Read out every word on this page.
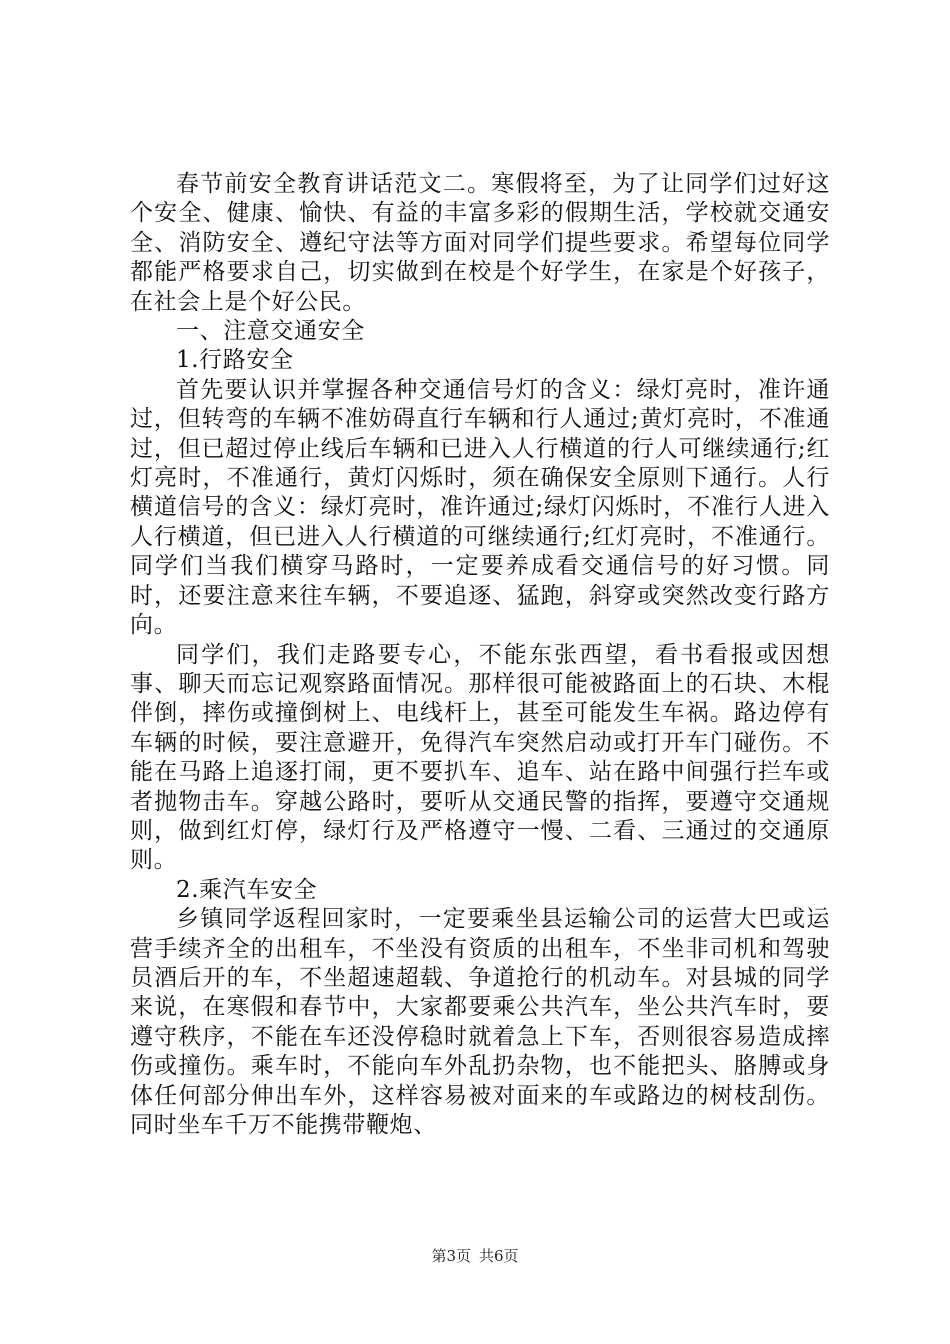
春节前安全教育讲话范文二。寒假将至，为了让同学们过好这个安全、健康、愉快、有益的丰富多彩的假期生活，学校就交通安全、消防安全、遵纪守法等方面对同学们提些要求。希望每位同学都能严格要求自己，切实做到在校是个好学生，在家是个好孩子，在社会上是个好公民。

一、注意交通安全

1.行路安全

首先要认识并掌握各种交通信号灯的含义：绿灯亮时，准许通过，但转弯的车辆不准妨碍直行车辆和行人通过;黄灯亮时，不准通过，但已超过停止线后车辆和已进入人行横道的行人可继续通行;红灯亮时，不准通行，黄灯闪烁时，须在确保安全原则下通行。人行横道信号的含义：绿灯亮时，准许通过;绿灯闪烁时，不准行人进入人行横道，但已进入人行横道的可继续通行;红灯亮时，不准通行。同学们当我们横穿马路时，一定要养成看交通信号的好习惯。同时，还要注意来往车辆，不要追逐、猛跑，斜穿或突然改变行路方向。

同学们，我们走路要专心，不能东张西望，看书看报或因想事、聊天而忘记观察路面情况。那样很可能被路面上的石块、木棍伴倒，摔伤或撞倒树上、电线杆上，甚至可能发生车祸。路边停有车辆的时候，要注意避开，免得汽车突然启动或打开车门碰伤。不能在马路上追逐打闹，更不要扒车、追车、站在路中间强行拦车或者抛物击车。穿越公路时，要听从交通民警的指挥，要遵守交通规则，做到红灯停，绿灯行及严格遵守一慢、二看、三通过的交通原则。

2.乘汽车安全

乡镇同学返程回家时，一定要乘坐县运输公司的运营大巴或运营手续齐全的出租车，不坐没有资质的出租车，不坐非司机和驾驶员酒后开的车，不坐超速超载、争道抢行的机动车。对县城的同学来说，在寒假和春节中，大家都要乘公共汽车，坐公共汽车时，要遵守秩序，不能在车还没停稳时就着急上下车，否则很容易造成摔伤或撞伤。乘车时，不能向车外乱扔杂物，也不能把头、胳膊或身体任何部分伸出车外，这样容易被对面来的车或路边的树枝刮伤。同时坐车千万不能携带鞭炮、

第3页 共6页
